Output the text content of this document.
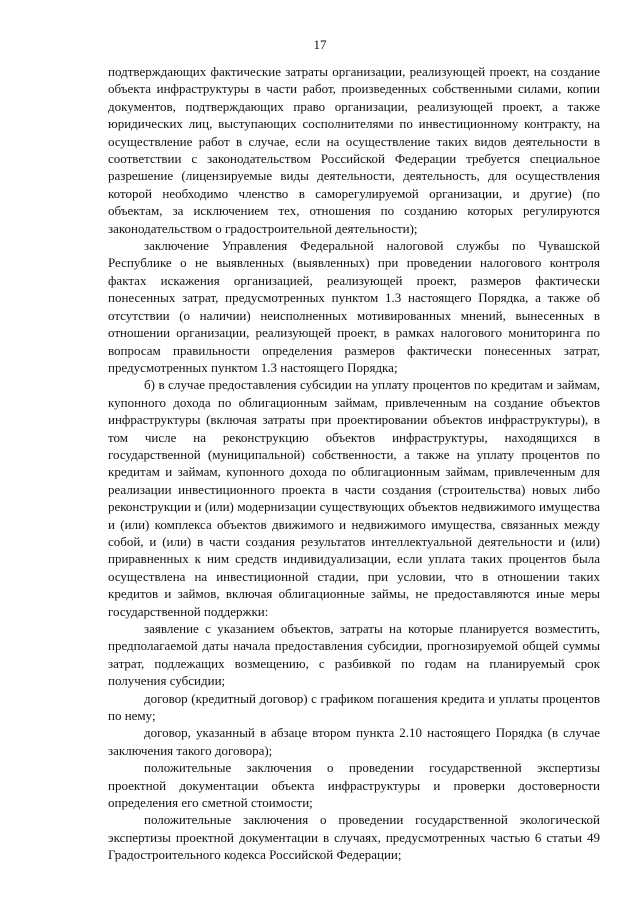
17

подтверждающих фактические затраты организации, реализующей проект, на создание объекта инфраструктуры в части работ, произведенных собственными силами, копии документов, подтверждающих право организации, реализующей проект, а также юридических лиц, выступающих сосполнителями по инвестиционному контракту, на осуществление работ в случае, если на осуществление таких видов деятельности в соответствии с законодательством Российской Федерации требуется специальное разрешение (лицензируемые виды деятельности, деятельность, для осуществления которой необходимо членство в саморегулируемой организации, и другие) (по объектам, за исключением тех, отношения по созданию которых регулируются законодательством о градостроительной деятельности);

заключение Управления Федеральной налоговой службы по Чувашской Республике о не выявленных (выявленных) при проведении налогового контроля фактах искажения организацией, реализующей проект, размеров фактически понесенных затрат, предусмотренных пунктом 1.3 настоящего Порядка, а также об отсутствии (о наличии) неисполненных мотивированных мнений, вынесенных в отношении организации, реализующей проект, в рамках налогового мониторинга по вопросам правильности определения размеров фактически понесенных затрат, предусмотренных пунктом 1.3 настоящего Порядка;

б) в случае предоставления субсидии на уплату процентов по кредитам и займам, купонного дохода по облигационным займам, привлеченным на создание объектов инфраструктуры (включая затраты при проектировании объектов инфраструктуры), в том числе на реконструкцию объектов инфраструктуры, находящихся в государственной (муниципальной) собственности, а также на уплату процентов по кредитам и займам, купонного дохода по облигационным займам, привлеченным для реализации инвестиционного проекта в части создания (строительства) новых либо реконструкции и (или) модернизации существующих объектов недвижимого имущества и (или) комплекса объектов движимого и недвижимого имущества, связанных между собой, и (или) в части создания результатов интеллектуальной деятельности и (или) приравненных к ним средств индивидуализации, если уплата таких процентов была осуществлена на инвестиционной стадии, при условии, что в отношении таких кредитов и займов, включая облигационные займы, не предоставляются иные меры государственной поддержки:

заявление с указанием объектов, затраты на которые планируется возместить, предполагаемой даты начала предоставления субсидии, прогнозируемой общей суммы затрат, подлежащих возмещению, с разбивкой по годам на планируемый срок получения субсидии;

договор (кредитный договор) с графиком погашения кредита и уплаты процентов по нему;

договор, указанный в абзаце втором пункта 2.10 настоящего Порядка (в случае заключения такого договора);

положительные заключения о проведении государственной экспертизы проектной документации объекта инфраструктуры и проверки достоверности определения его сметной стоимости;

положительные заключения о проведении государственной экологической экспертизы проектной документации в случаях, предусмотренных частью 6 статьи 49 Градостроительного кодекса Российской Федерации;
